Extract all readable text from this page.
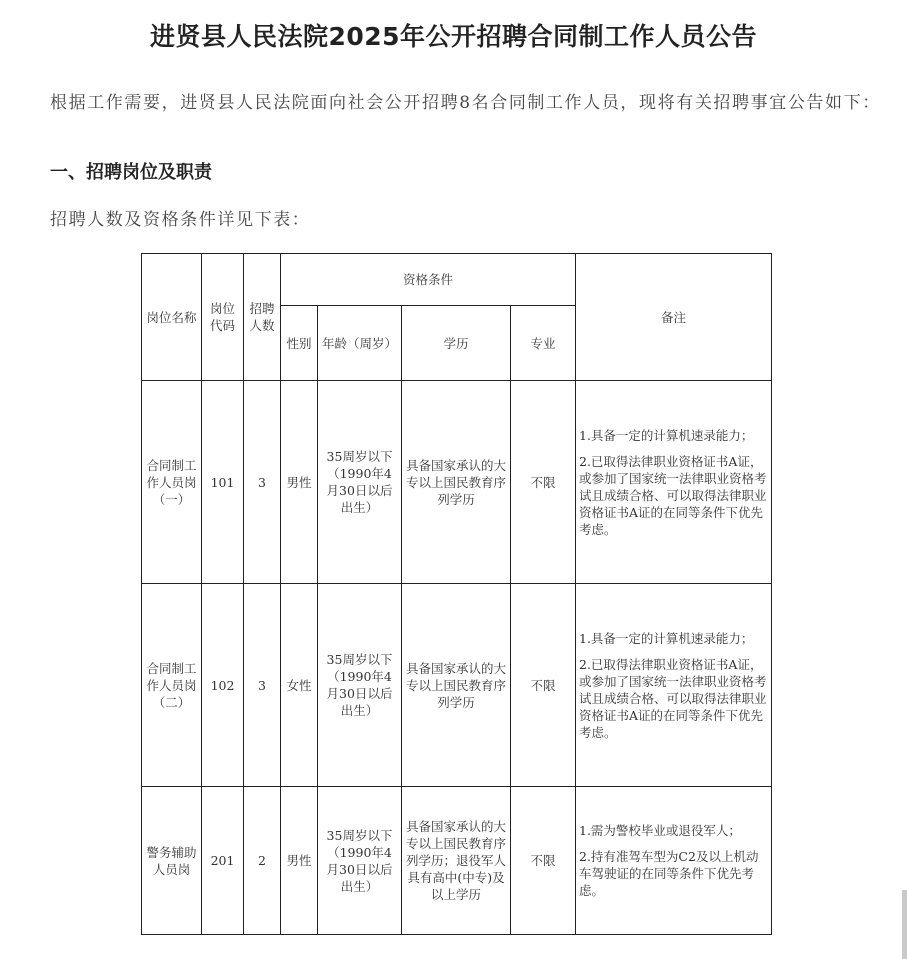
进贤县人民法院2025年公开招聘合同制工作人员公告

根据工作需要，进贤县人民法院面向社会公开招聘8名合同制工作人员，现将有关招聘事宜公告如下：

一、招聘岗位及职责

招聘人数及资格条件详见下表：

岗位名称	岗位代码	招聘人数	资格条件				备注
			性别	年龄（周岁）	学历	专业	
合同制工作人员岗（一）	101	3	男性	35周岁以下（1990年4月30日以后出生）	具备国家承认的大专以上国民教育序列学历	不限	1.具备一定的计算机速录能力；

2.已取得法律职业资格证书A证，或参加了国家统一法律职业资格考试且成绩合格、可以取得法律职业资格证书A证的在同等条件下优先考虑。

合同制工作人员岗（二）	102	3	女性	35周岁以下（1990年4月30日以后出生）	具备国家承认的大专以上国民教育序列学历	不限	1.具备一定的计算机速录能力；

2.已取得法律职业资格证书A证，或参加了国家统一法律职业资格考试且成绩合格、可以取得法律职业资格证书A证的在同等条件下优先考虑。

警务辅助人员岗	201	2	男性	35周岁以下（1990年4月30日以后出生）	具备国家承认的大专以上国民教育序列学历；退役军人具有高中(中专)及以上学历	不限	1.需为警校毕业或退役军人；

2.持有准驾车型为C2及以上机动车驾驶证的在同等条件下优先考虑。
